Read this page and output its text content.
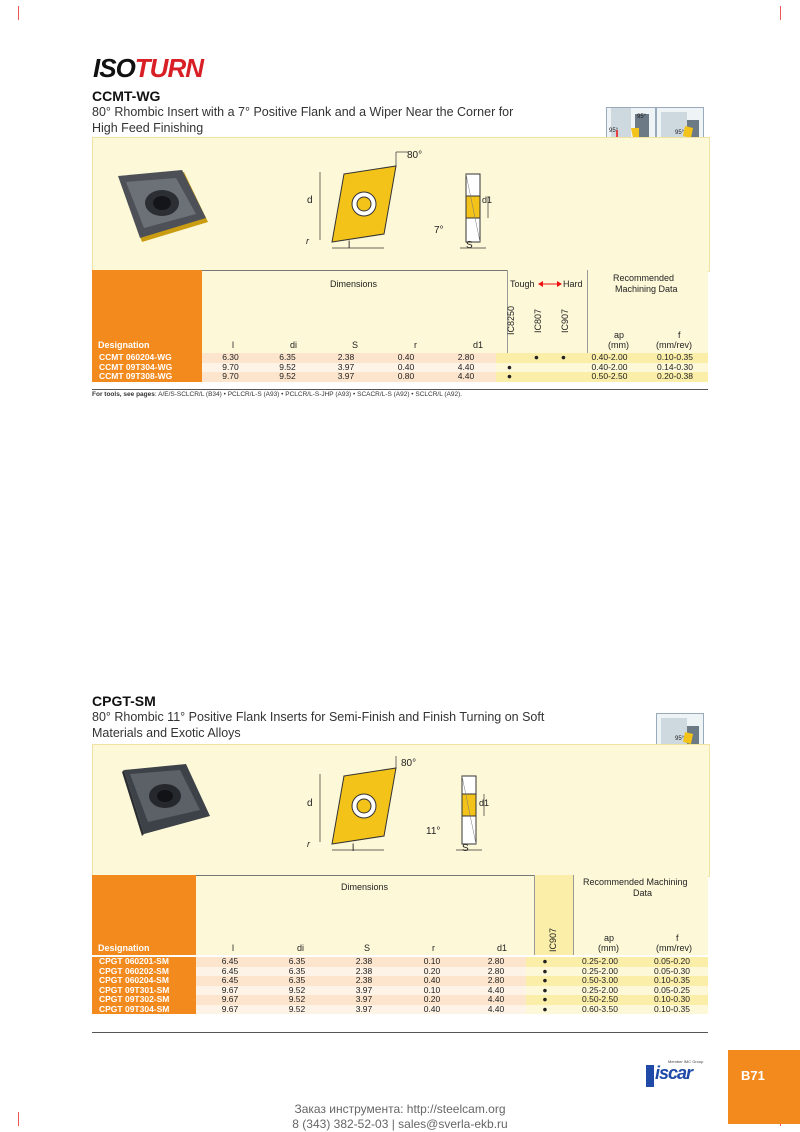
ISOTURN
CCMT-WG
80° Rhombic Insert with a 7° Positive Flank and a Wiper Near the Corner for
High Feed Finishing
95°
95°	95°
80°
d
l
r
7°
d1
S
Dimensions	Tough	Hard
Recommended
Machining Data
Designation	l	di	S	r	d1
IC8250 IC807 IC907
ap
(mm)
f
(mm/rev)
CCMT 060204-WG	6.30	6.35	2.38	0.40	2.80		●	●	0.40-2.00	0.10-0.35
CCMT 09T304-WG	9.70	9.52	3.97	0.40	4.40	●			0.40-2.00	0.14-0.30
CCMT 09T308-WG	9.70	9.52	3.97	0.80	4.40	●			0.50-2.50	0.20-0.38
For tools, see pages: A/E/S-SCLCR/L (B34) • PCLCR/L-S (A93) • PCLCR/L-S-JHP (A93) • SCACR/L-S (A92) • SCLCR/L (A92).
CPGT-SM
80° Rhombic 11° Positive Flank Inserts for Semi-Finish and Finish Turning on Soft
Materials and Exotic Alloys	95°
80°
d
l
r
11°
d1
S
Dimensions	Recommended Machining
Data
Designation	l	di	S	r	d1	IC907	ap
(mm)
f
(mm/rev)
CPGT 060201-SM	6.45	6.35	2.38	0.10	2.80	●	0.25-2.00	0.05-0.20
CPGT 060202-SM	6.45	6.35	2.38	0.20	2.80	●	0.25-2.00	0.05-0.30
CPGT 060204-SM	6.45	6.35	2.38	0.40	2.80	●	0.50-3.00	0.10-0.35
CPGT 09T301-SM	9.67	9.52	3.97	0.10	4.40	●	0.25-2.00	0.05-0.25
CPGT 09T302-SM	9.67	9.52	3.97	0.20	4.40	●	0.50-2.50	0.10-0.30
CPGT 09T304-SM	9.67	9.52	3.97	0.40	4.40	●	0.60-3.50	0.10-0.35
Member IMC Group
iscar	B71
Заказ инструмента: http://steelcam.org
8 (343) 382-52-03 | sales@sverla-ekb.ru
